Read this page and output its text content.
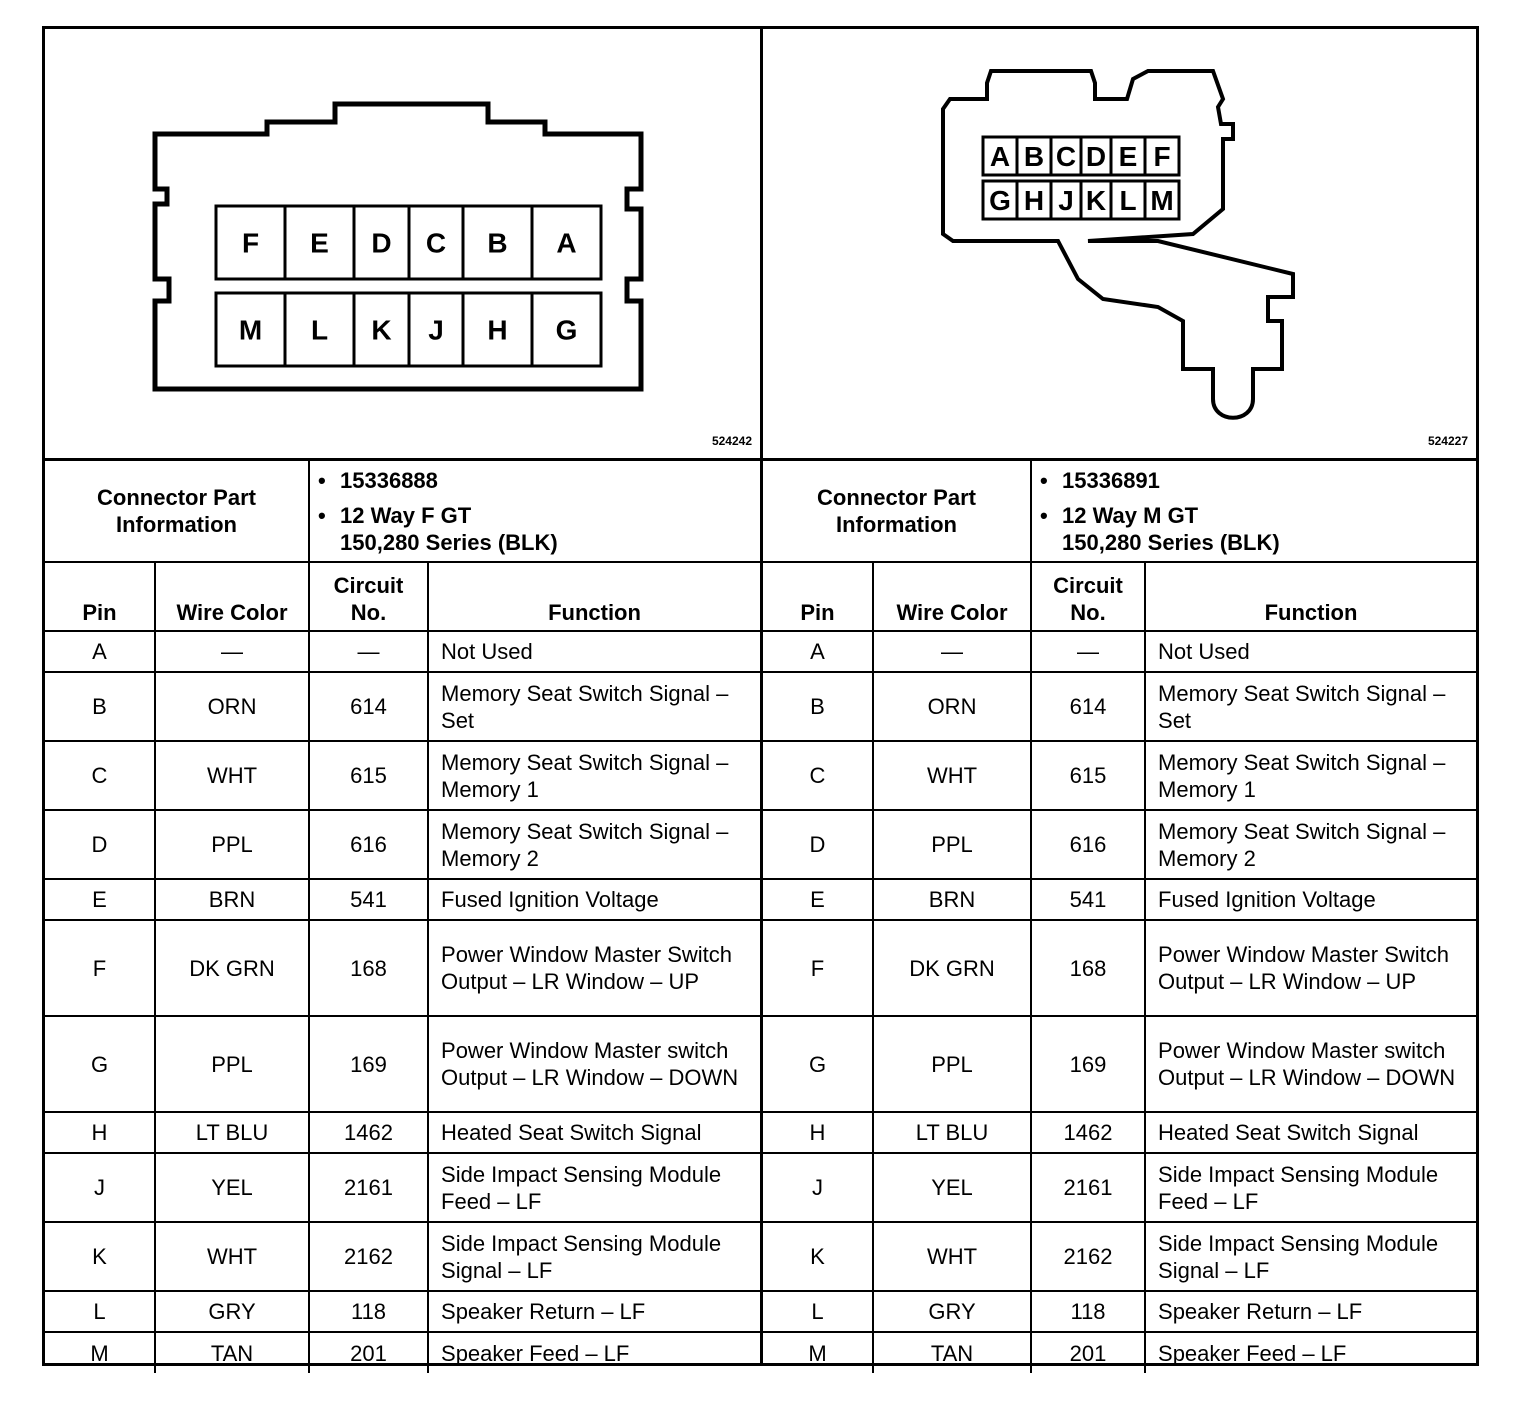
F E D C B A
M L K J H G
524242
Connector Part Information		• 15336888
• 12 Way F GT
150,280 Series (BLK)	

Pin	Wire Color	Circuit No.	Function
A	—	—	Not Used
B	ORN	614	Memory Seat Switch Signal – Set
C	WHT	615	Memory Seat Switch Signal – Memory 1
D	PPL	616	Memory Seat Switch Signal – Memory 2
E	BRN	541	Fused Ignition Voltage
F	DK GRN	168	Power Window Master Switch Output – LR Window – UP
G	PPL	169	Power Window Master switch Output – LR Window – DOWN
H	LT BLU	1462	Heated Seat Switch Signal
J	YEL	2161	Side Impact Sensing Module Feed – LF
K	WHT	2162	Side Impact Sensing Module Signal – LF
L	GRY	118	Speaker Return – LF
M	TAN	201	Speaker Feed – LF
A B C D E F
G H J K L M
524227
Connector Part Information		• 15336891
• 12 Way M GT
150,280 Series (BLK)	

Pin	Wire Color	Circuit No.	Function
A	—	—	Not Used
B	ORN	614	Memory Seat Switch Signal – Set
C	WHT	615	Memory Seat Switch Signal – Memory 1
D	PPL	616	Memory Seat Switch Signal – Memory 2
E	BRN	541	Fused Ignition Voltage
F	DK GRN	168	Power Window Master Switch Output – LR Window – UP
G	PPL	169	Power Window Master switch Output – LR Window – DOWN
H	LT BLU	1462	Heated Seat Switch Signal
J	YEL	2161	Side Impact Sensing Module Feed – LF
K	WHT	2162	Side Impact Sensing Module Signal – LF
L	GRY	118	Speaker Return – LF
M	TAN	201	Speaker Feed – LF
